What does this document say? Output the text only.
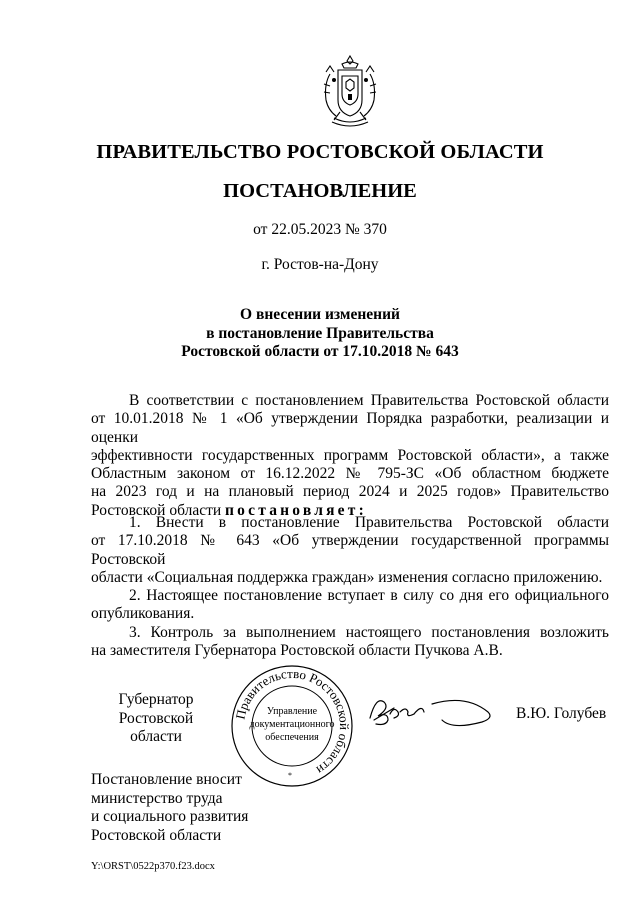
ПРАВИТЕЛЬСТВО РОСТОВСКОЙ ОБЛАСТИ
ПОСТАНОВЛЕНИЕ
от 22.05.2023 № 370
г. Ростов-на-Дону
О внесении изменений
в постановление Правительства
Ростовской области от 17.10.2018 № 643
В соответствии с постановлением Правительства Ростовской области
от 10.01.2018 № 1 «Об утверждении Порядка разработки, реализации и оценки
эффективности государственных программ Ростовской области», а также
Областным законом от 16.12.2022 № 795-ЗС «Об областном бюджете
на 2023 год и на плановый период 2024 и 2025 годов» Правительство
Ростовской области постановляет:
1. Внести в постановление Правительства Ростовской области
от 17.10.2018 № 643 «Об утверждении государственной программы Ростовской
области «Социальная поддержка граждан» изменения согласно приложению.
2. Настоящее постановление вступает в силу со дня его официального
опубликования.
3. Контроль за выполнением настоящего постановления возложить
на заместителя Губернатора Ростовской области Пучкова А.В.
Губернатор
Ростовской области
Правительство Ростовской области
Управление
документационного
обеспечения
*
В.Ю. Голубев
Постановление вносит
министерство труда
и социального развития
Ростовской области
Y:\ORST\0522p370.f23.docx
